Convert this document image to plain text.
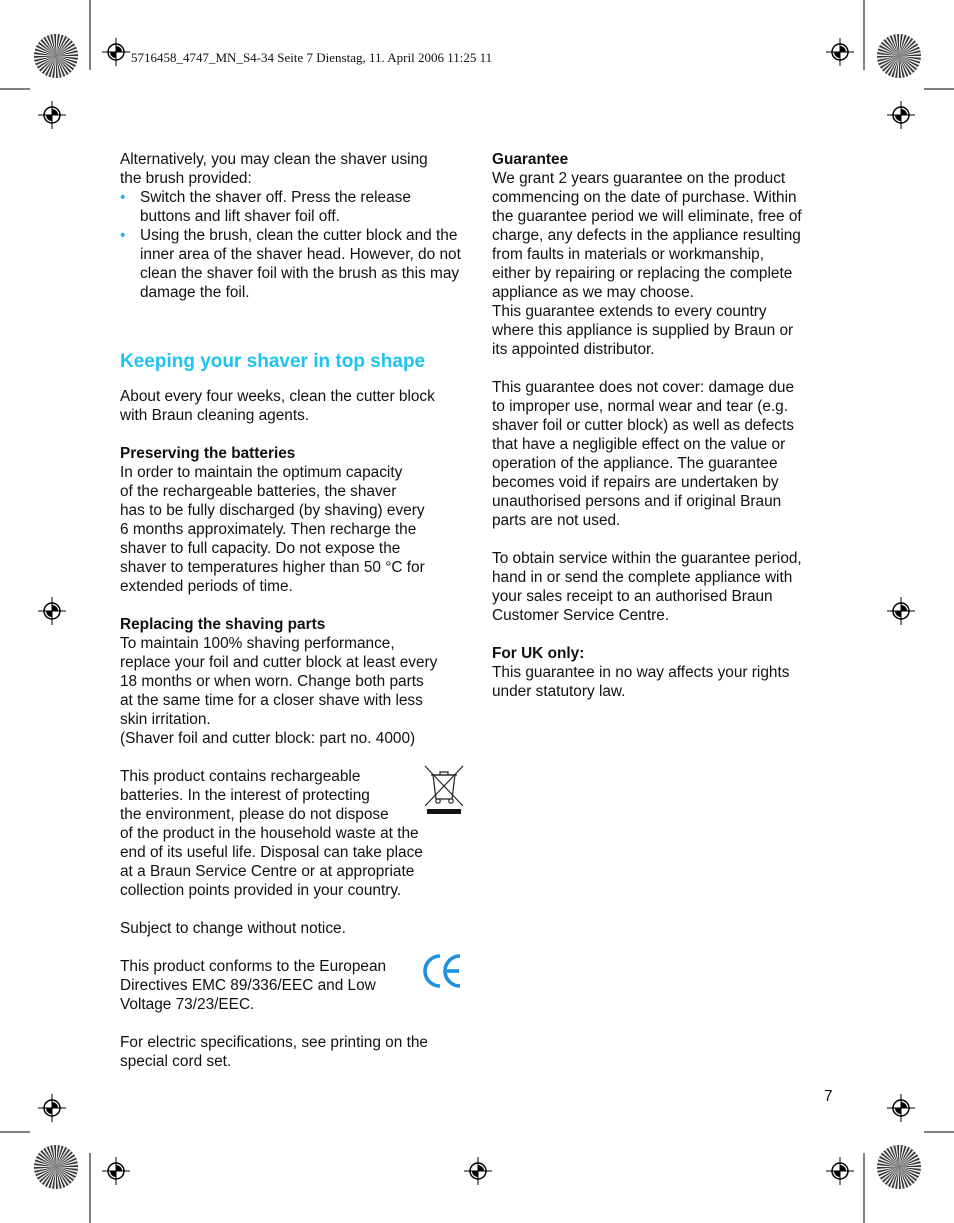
5716458_4747_MN_S4-34 Seite 7 Dienstag, 11. April 2006 11:25 11

Alternatively, you may clean the shaver using

the brush provided:

• Switch the shaver off. Press the release buttons and lift shaver foil off.
• Using the brush, clean the cutter block and the inner area of the shaver head. However, do not clean the shaver foil with the brush as this may damage the foil.
Keeping your shaver in top shape

About every four weeks, clean the cutter block with Braun cleaning agents.

Preserving the batteries

In order to maintain the optimum capacity

of the rechargeable batteries, the shaver

has to be fully discharged (by shaving) every

6 months approximately. Then recharge the

shaver to full capacity. Do not expose the

shaver to temperatures higher than 50 °C for

extended periods of time.

Replacing the shaving parts

To maintain 100% shaving performance,

replace your foil and cutter block at least every

18 months or when worn. Change both parts

at the same time for a closer shave with less

skin irritation.

(Shaver foil and cutter block: part no. 4000)

This product contains rechargeable

batteries. In the interest of protecting

the environment, please do not dispose

of the product in the household waste at the

end of its useful life. Disposal can take place

at a Braun Service Centre or at appropriate

collection points provided in your country.

Subject to change without notice.

This product conforms to the European

Directives EMC 89/336/EEC and Low

Voltage 73/23/EEC.

For electric specifications, see printing on the special cord set.

Guarantee

We grant 2 years guarantee on the product

commencing on the date of purchase. Within

the guarantee period we will eliminate, free of

charge, any defects in the appliance resulting

from faults in materials or workmanship,

either by repairing or replacing the complete

appliance as we may choose.

This guarantee extends to every country

where this appliance is supplied by Braun or

its appointed distributor.

This guarantee does not cover: damage due

to improper use, normal wear and tear (e.g.

shaver foil or cutter block) as well as defects

that have a negligible effect on the value or

operation of the appliance. The guarantee

becomes void if repairs are undertaken by

unauthorised persons and if original Braun

parts are not used.

To obtain service within the guarantee period,

hand in or send the complete appliance with

your sales receipt to an authorised Braun

Customer Service Centre.

For UK only:

This guarantee in no way affects your rights

under statutory law.

7
